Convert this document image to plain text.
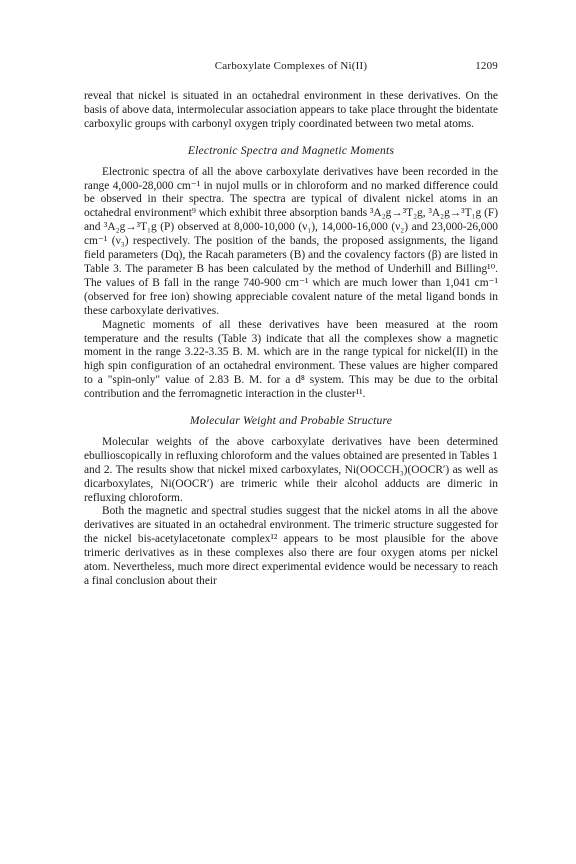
Carboxylate Complexes of Ni(II)	1209

reveal that nickel is situated in an octahedral environment in these derivatives. On the basis of above data, intermolecular association appears to take place throught the bidentate carboxylic groups with carbonyl oxygen triply coordinated between two metal atoms.

Electronic Spectra and Magnetic Moments

Electronic spectra of all the above carboxylate derivatives have been recorded in the range 4,000-28,000 cm⁻¹ in nujol mulls or in chloroform and no marked difference could be observed in their spectra. The spectra are typical of divalent nickel atoms in an octahedral environment⁹ which exhibit three absorption bands ³A₂g→³T₂g, ³A₂g→³T₁g (F) and ³A₂g→³T₁g (P) observed at 8,000-10,000 (ν₁), 14,000-16,000 (ν₂) and 23,000-26,000 cm⁻¹ (ν₃) respectively. The position of the bands, the proposed assignments, the ligand field parameters (Dq), the Racah parameters (B) and the covalency factors (β) are listed in Table 3. The parameter B has been calculated by the method of Underhill and Billing¹⁰. The values of B fall in the range 740-900 cm⁻¹ which are much lower than 1,041 cm⁻¹ (observed for free ion) showing appreciable covalent nature of the metal ligand bonds in these carboxylate derivatives.

Magnetic moments of all these derivatives have been measured at the room temperature and the results (Table 3) indicate that all the complexes show a magnetic moment in the range 3.22-3.35 B. M. which are in the range typical for nickel(II) in the high spin configuration of an octahedral environment. These values are higher compared to a "spin-only" value of 2.83 B. M. for a d⁸ system. This may be due to the orbital contribution and the ferromagnetic interaction in the cluster¹¹.

Molecular Weight and Probable Structure

Molecular weights of the above carboxylate derivatives have been determined ebullioscopically in refluxing chloroform and the values obtained are presented in Tables 1 and 2. The results show that nickel mixed carboxylates, Ni(OOCCH₃)(OOCR′) as well as dicarboxylates, Ni(OOCR′) are trimeric while their alcohol adducts are dimeric in refluxing chloroform.

Both the magnetic and spectral studies suggest that the nickel atoms in all the above derivatives are situated in an octahedral environment. The trimeric structure suggested for the nickel bis-acetylacetonate complex¹² appears to be most plausible for the above trimeric derivatives as in these complexes also there are four oxygen atoms per nickel atom. Nevertheless, much more direct experimental evidence would be necessary to reach a final conclusion about their
